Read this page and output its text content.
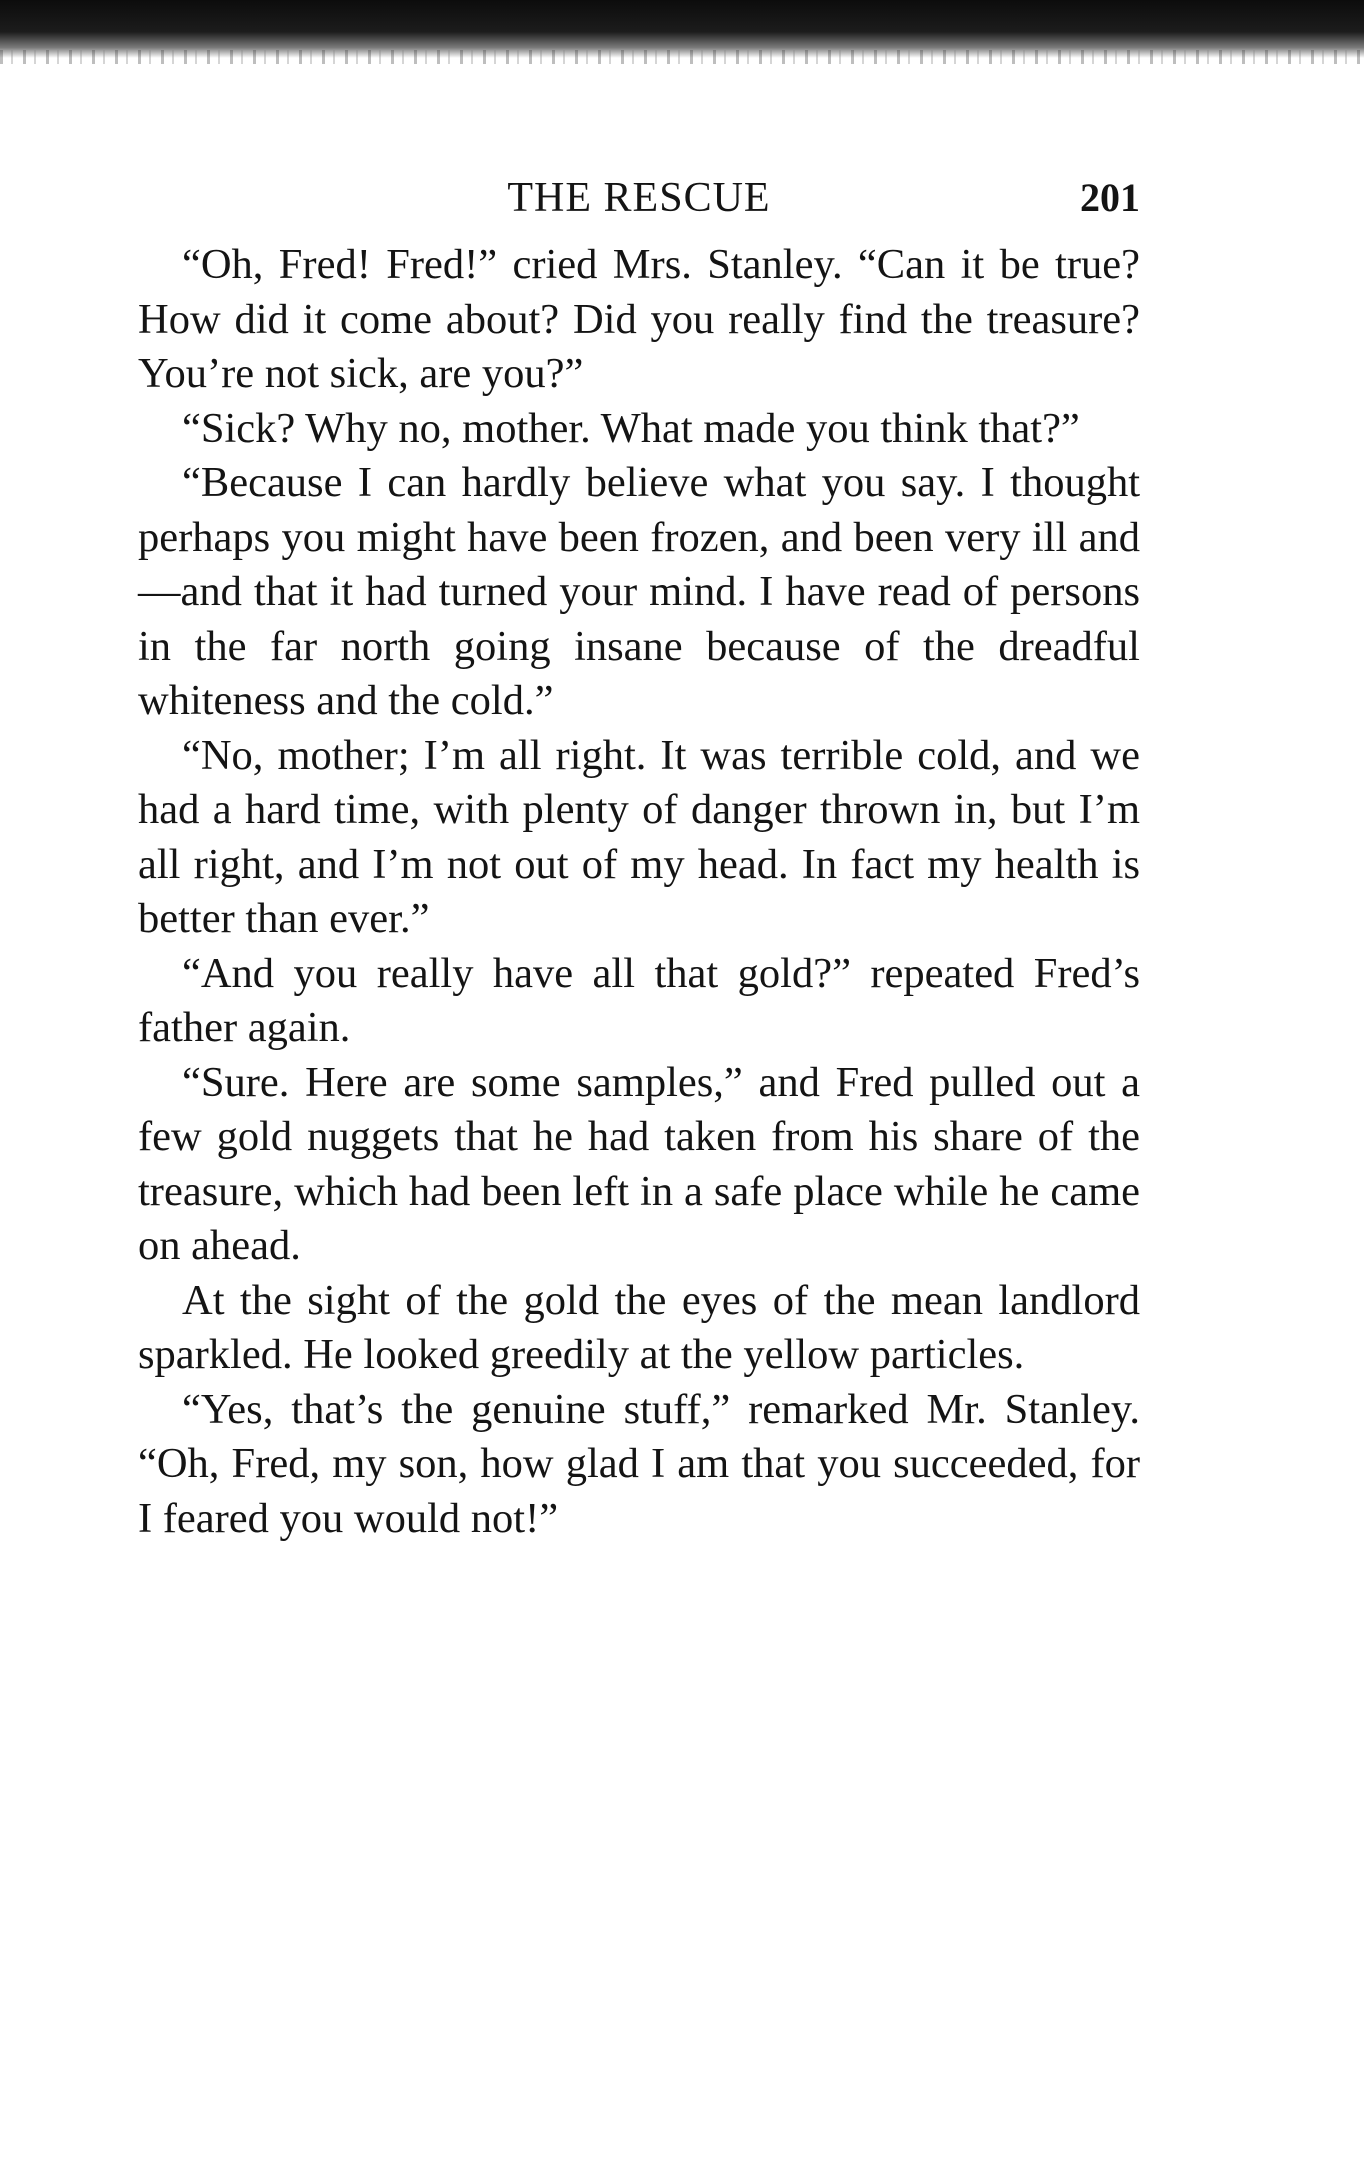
THE RESCUE	201

“Oh, Fred! Fred!” cried Mrs. Stanley. “Can it be true? How did it come about? Did you really find the treasure? You’re not sick, are you?”

“Sick? Why no, mother. What made you think that?”

“Because I can hardly believe what you say. I thought perhaps you might have been frozen, and been very ill and—and that it had turned your mind. I have read of persons in the far north going insane because of the dreadful whiteness and the cold.”

“No, mother; I’m all right. It was terrible cold, and we had a hard time, with plenty of danger thrown in, but I’m all right, and I’m not out of my head. In fact my health is better than ever.”

“And you really have all that gold?” repeated Fred’s father again.

“Sure. Here are some samples,” and Fred pulled out a few gold nuggets that he had taken from his share of the treasure, which had been left in a safe place while he came on ahead.

At the sight of the gold the eyes of the mean landlord sparkled. He looked greedily at the yellow particles.

“Yes, that’s the genuine stuff,” remarked Mr. Stanley. “Oh, Fred, my son, how glad I am that you succeeded, for I feared you would not!”
